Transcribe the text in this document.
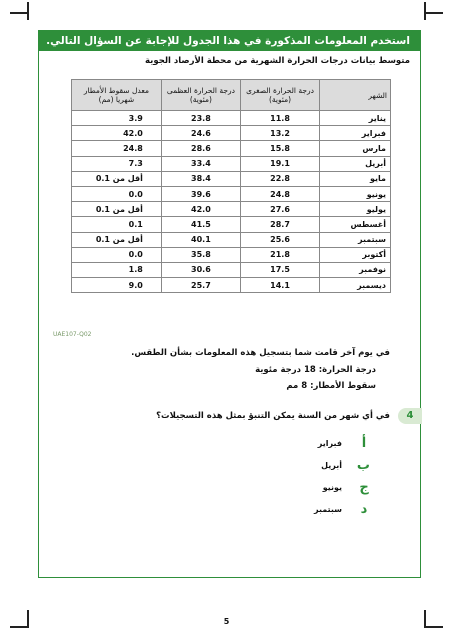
استخدم المعلومات المذكورة في هذا الجدول للإجابة عن السؤال التالي.
متوسط بيانات درجات الحرارة الشهرية من محطة الأرصاد الجوية
الشهر	درجة الحرارة الصغرى (مئوية)	درجة الحرارة العظمى (مئوية)	معدل سقوط الأمطار شهريا (مم)
يناير	11.8	23.8	3.9
فبراير	13.2	24.6	42.0
مارس	15.8	28.6	24.8
أبريل	19.1	33.4	7.3
مايو	22.8	38.4	أقل من 0.1
يونيو	24.8	39.6	0.0
يوليو	27.6	42.0	أقل من 0.1
أغسطس	28.7	41.5	0.1
سبتمبر	25.6	40.1	أقل من 0.1
أكتوبر	21.8	35.8	0.0
نوفمبر	17.5	30.6	1.8
ديسمبر	14.1	25.7	9.0
UAE107-Q02
في يوم آخر قامت شما بتسجيل هذه المعلومات بشأن الطقس.
درجة الحرارة: 18 درجة مئوية
سقوط الأمطار: 8 مم
4
في أي شهر من السنة يمكن التنبؤ بمثل هذه التسجيلات؟
أ
فبراير
ب
أبريل
ج
يونيو
د
سبتمبر
5
